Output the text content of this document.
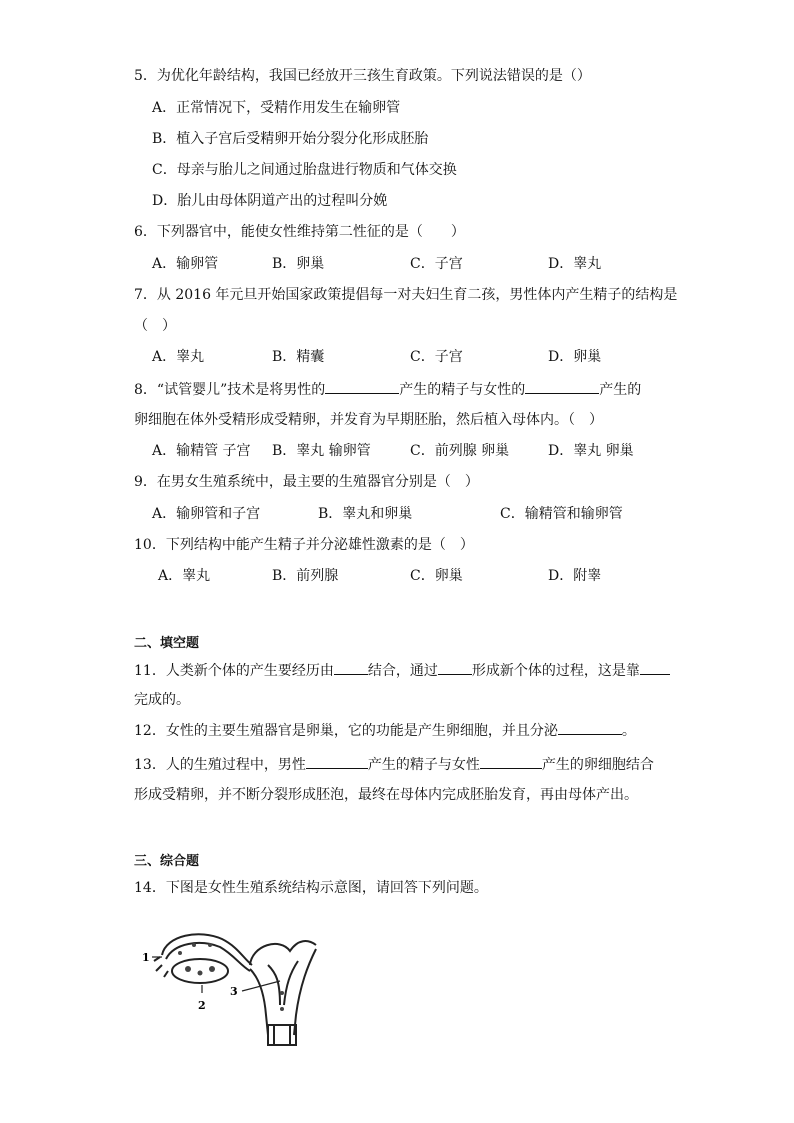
5．为优化年龄结构，我国已经放开三孩生育政策。下列说法错误的是（）
A．正常情况下，受精作用发生在输卵管
B．植入子宫后受精卵开始分裂分化形成胚胎
C．母亲与胎儿之间通过胎盘进行物质和气体交换
D．胎儿由母体阴道产出的过程叫分娩
6．下列器官中，能使女性维持第二性征的是（　　）
A．输卵管	B．卵巢	C．子宫	D．睾丸
7．从 2016 年元旦开始国家政策提倡每一对夫妇生育二孩，男性体内产生精子的结构是
（　）
A．睾丸	B．精囊	C．子宫	D．卵巢
8．“试管婴儿”技术是将男性的	产生的精子与女性的	产生的
卵细胞在体外受精形成受精卵，并发育为早期胚胎，然后植入母体内。（　）
A．输精管 子宫 B．睾丸 输卵管	C．前列腺 卵巢	D．睾丸 卵巢
9．在男女生殖系统中，最主要的生殖器官分别是（　）
A．输卵管和子宫	B．睾丸和卵巢	C．输精管和输卵管
10．下列结构中能产生精子并分泌雄性激素的是（　）
A．睾丸	B．前列腺	C．卵巢	D．附睾
二、填空题
11．人类新个体的产生要经历由 结合，通过 形成新个体的过程，这是靠
完成的。
12．女性的主要生殖器官是卵巢，它的功能是产生卵细胞，并且分泌	。
13．人的生殖过程中，男性	产生的精子与女性	产生的卵细胞结合
形成受精卵，并不断分裂形成胚泡，最终在母体内完成胚胎发育，再由母体产出。
三、综合题
14．下图是女性生殖系统结构示意图，请回答下列问题。
1
2
3
